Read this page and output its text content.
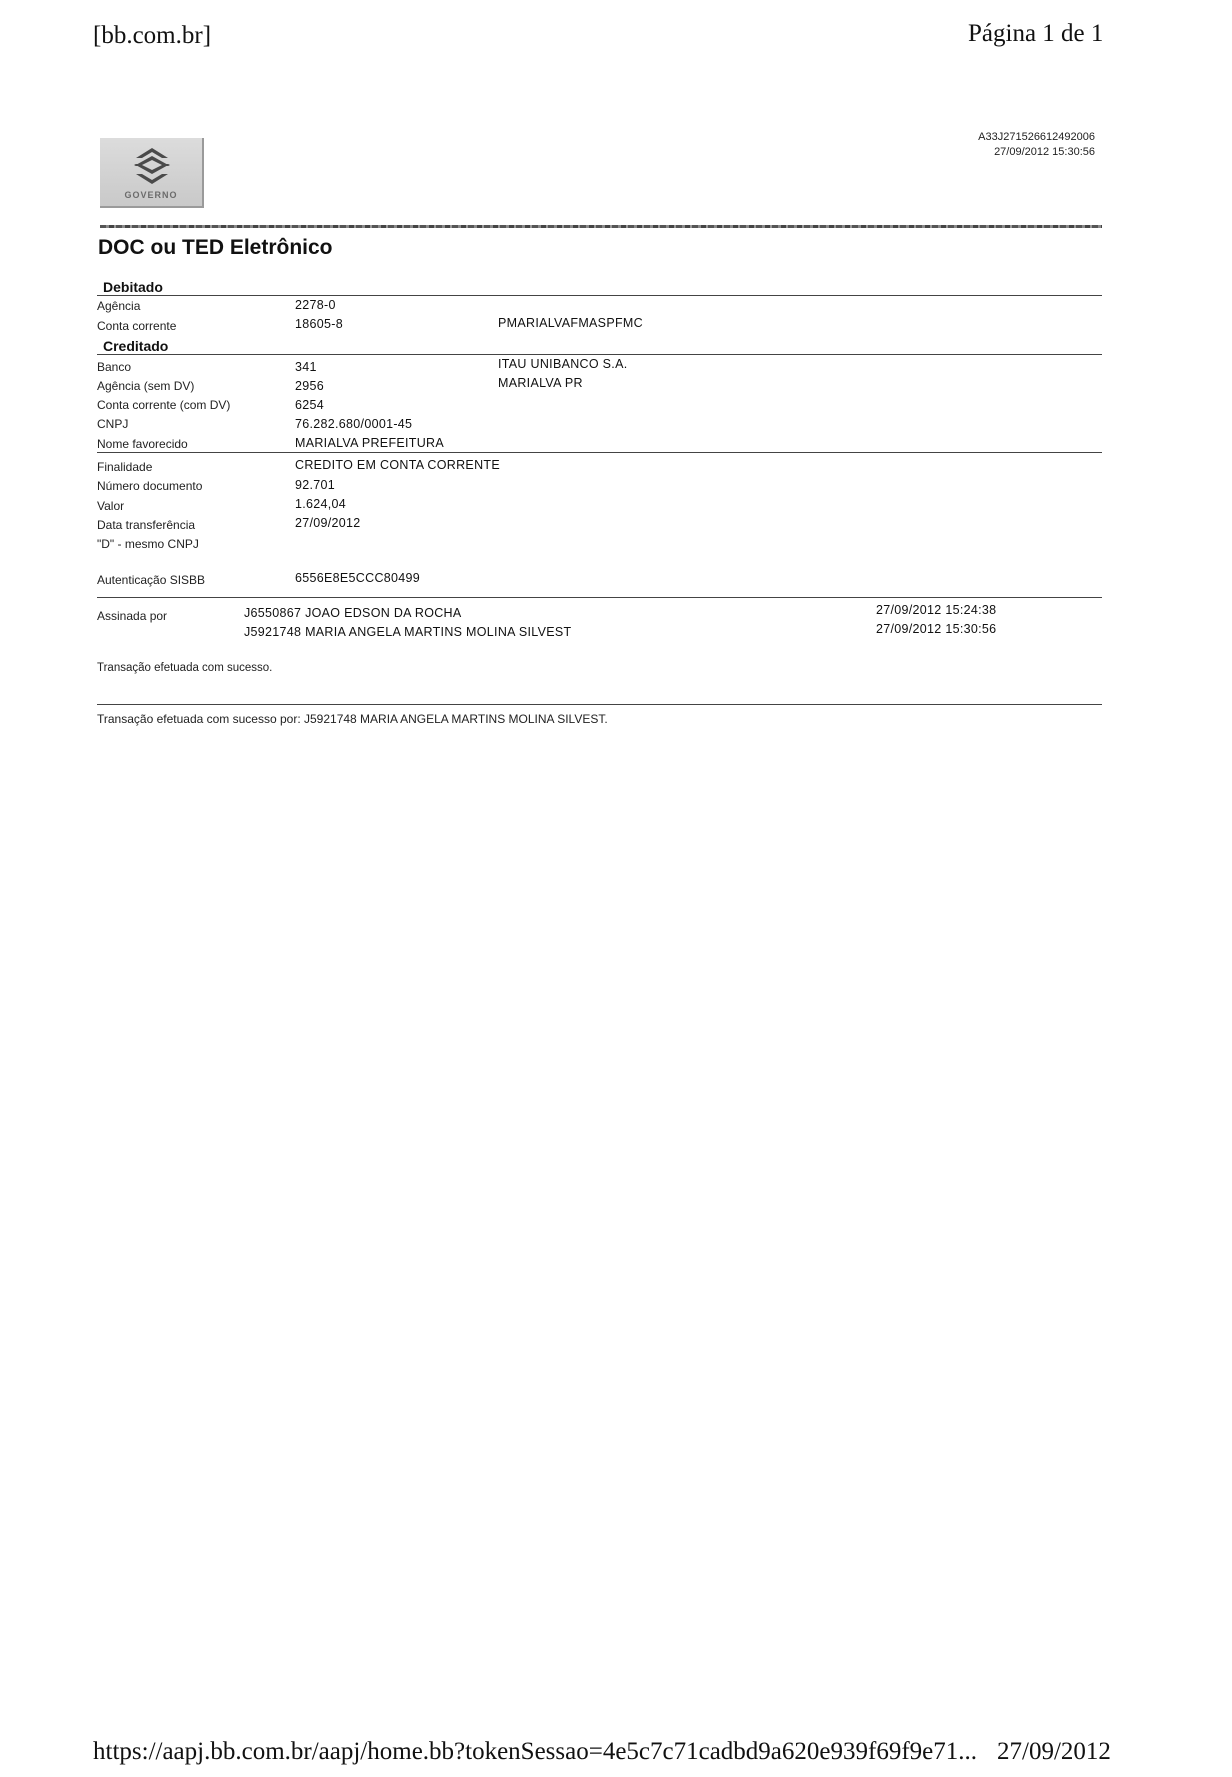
[bb.com.br]	Página 1 de 1
A33J271526612492006
27/09/2012 15:30:56
GOVERNO
DOC ou TED Eletrônico
Debitado
Agência	2278-0
Conta corrente	18605-8	PMARIALVAFMASPFMC
Creditado
Banco	341	ITAU UNIBANCO S.A.
Agência (sem DV)	2956	MARIALVA PR
Conta corrente (com DV)	6254
CNPJ	76.282.680/0001-45
Nome favorecido	MARIALVA PREFEITURA
Finalidade	CREDITO EM CONTA CORRENTE
Número documento	92.701
Valor	1.624,04
Data transferência	27/09/2012
"D" - mesmo CNPJ
Autenticação SISBB	6556E8E5CCC80499
Assinada por	J6550867 JOAO EDSON DA ROCHA	27/09/2012 15:24:38
J5921748 MARIA ANGELA MARTINS MOLINA SILVEST	27/09/2012 15:30:56
Transação efetuada com sucesso.
Transação efetuada com sucesso por: J5921748 MARIA ANGELA MARTINS MOLINA SILVEST.
https://aapj.bb.com.br/aapj/home.bb?tokenSessao=4e5c7c71cadbd9a620e939f69f9e71... 27/09/2012
